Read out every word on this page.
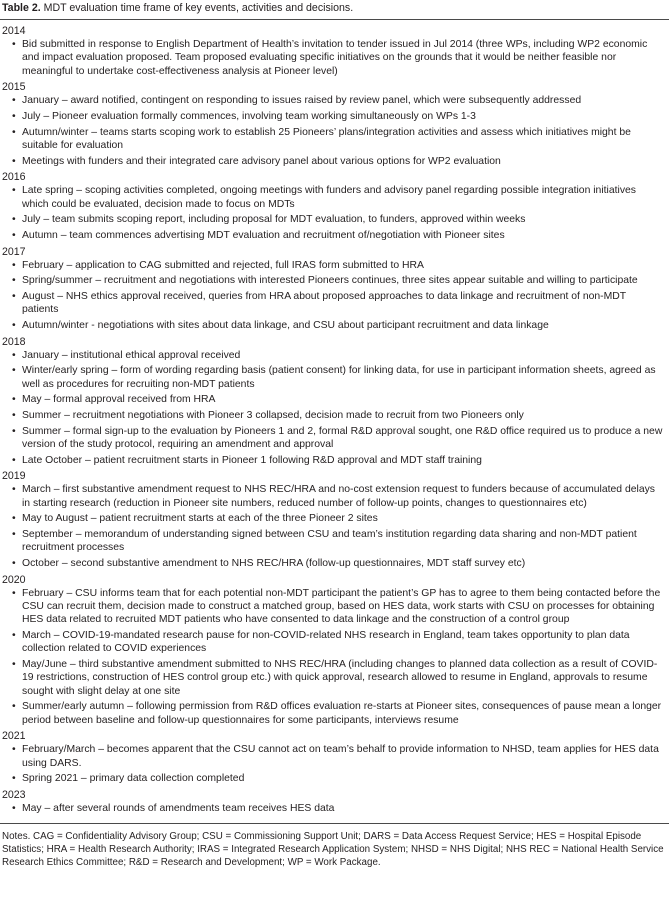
Table 2. MDT evaluation time frame of key events, activities and decisions.
2014
• Bid submitted in response to English Department of Health’s invitation to tender issued in Jul 2014 (three WPs, including WP2 economic and impact evaluation proposed. Team proposed evaluating specific initiatives on the grounds that it would be neither feasible nor meaningful to undertake cost-effectiveness analysis at Pioneer level)
2015
• January – award notified, contingent on responding to issues raised by review panel, which were subsequently addressed
• July – Pioneer evaluation formally commences, involving team working simultaneously on WPs 1-3
• Autumn/winter – teams starts scoping work to establish 25 Pioneers’ plans/integration activities and assess which initiatives might be suitable for evaluation
• Meetings with funders and their integrated care advisory panel about various options for WP2 evaluation
2016
• Late spring – scoping activities completed, ongoing meetings with funders and advisory panel regarding possible integration initiatives which could be evaluated, decision made to focus on MDTs
• July – team submits scoping report, including proposal for MDT evaluation, to funders, approved within weeks
• Autumn – team commences advertising MDT evaluation and recruitment of/negotiation with Pioneer sites
2017
• February – application to CAG submitted and rejected, full IRAS form submitted to HRA
• Spring/summer – recruitment and negotiations with interested Pioneers continues, three sites appear suitable and willing to participate
• August – NHS ethics approval received, queries from HRA about proposed approaches to data linkage and recruitment of non-MDT patients
• Autumn/winter - negotiations with sites about data linkage, and CSU about participant recruitment and data linkage
2018
• January – institutional ethical approval received
• Winter/early spring – form of wording regarding basis (patient consent) for linking data, for use in participant information sheets, agreed as well as procedures for recruiting non-MDT patients
• May – formal approval received from HRA
• Summer – recruitment negotiations with Pioneer 3 collapsed, decision made to recruit from two Pioneers only
• Summer – formal sign-up to the evaluation by Pioneers 1 and 2, formal R&D approval sought, one R&D office required us to produce a new version of the study protocol, requiring an amendment and approval
• Late October – patient recruitment starts in Pioneer 1 following R&D approval and MDT staff training
2019
• March – first substantive amendment request to NHS REC/HRA and no-cost extension request to funders because of accumulated delays in starting research (reduction in Pioneer site numbers, reduced number of follow-up points, changes to questionnaires etc)
• May to August – patient recruitment starts at each of the three Pioneer 2 sites
• September – memorandum of understanding signed between CSU and team’s institution regarding data sharing and non-MDT patient recruitment processes
• October – second substantive amendment to NHS REC/HRA (follow-up questionnaires, MDT staff survey etc)
2020
• February – CSU informs team that for each potential non-MDT participant the patient’s GP has to agree to them being contacted before the CSU can recruit them, decision made to construct a matched group, based on HES data, work starts with CSU on processes for obtaining HES data related to recruited MDT patients who have consented to data linkage and the construction of a control group
• March – COVID-19-mandated research pause for non-COVID-related NHS research in England, team takes opportunity to plan data collection related to COVID experiences
• May/June – third substantive amendment submitted to NHS REC/HRA (including changes to planned data collection as a result of COVID-19 restrictions, construction of HES control group etc.) with quick approval, research allowed to resume in England, approvals to resume sought with slight delay at one site
• Summer/early autumn – following permission from R&D offices evaluation re-starts at Pioneer sites, consequences of pause mean a longer period between baseline and follow-up questionnaires for some participants, interviews resume
2021
• February/March – becomes apparent that the CSU cannot act on team’s behalf to provide information to NHSD, team applies for HES data using DARS.
• Spring 2021 – primary data collection completed
2023
• May – after several rounds of amendments team receives HES data
Notes. CAG = Confidentiality Advisory Group; CSU = Commissioning Support Unit; DARS = Data Access Request Service; HES = Hospital Episode Statistics; HRA = Health Research Authority; IRAS = Integrated Research Application System; NHSD = NHS Digital; NHS REC = National Health Service Research Ethics Committee; R&D = Research and Development; WP = Work Package.
